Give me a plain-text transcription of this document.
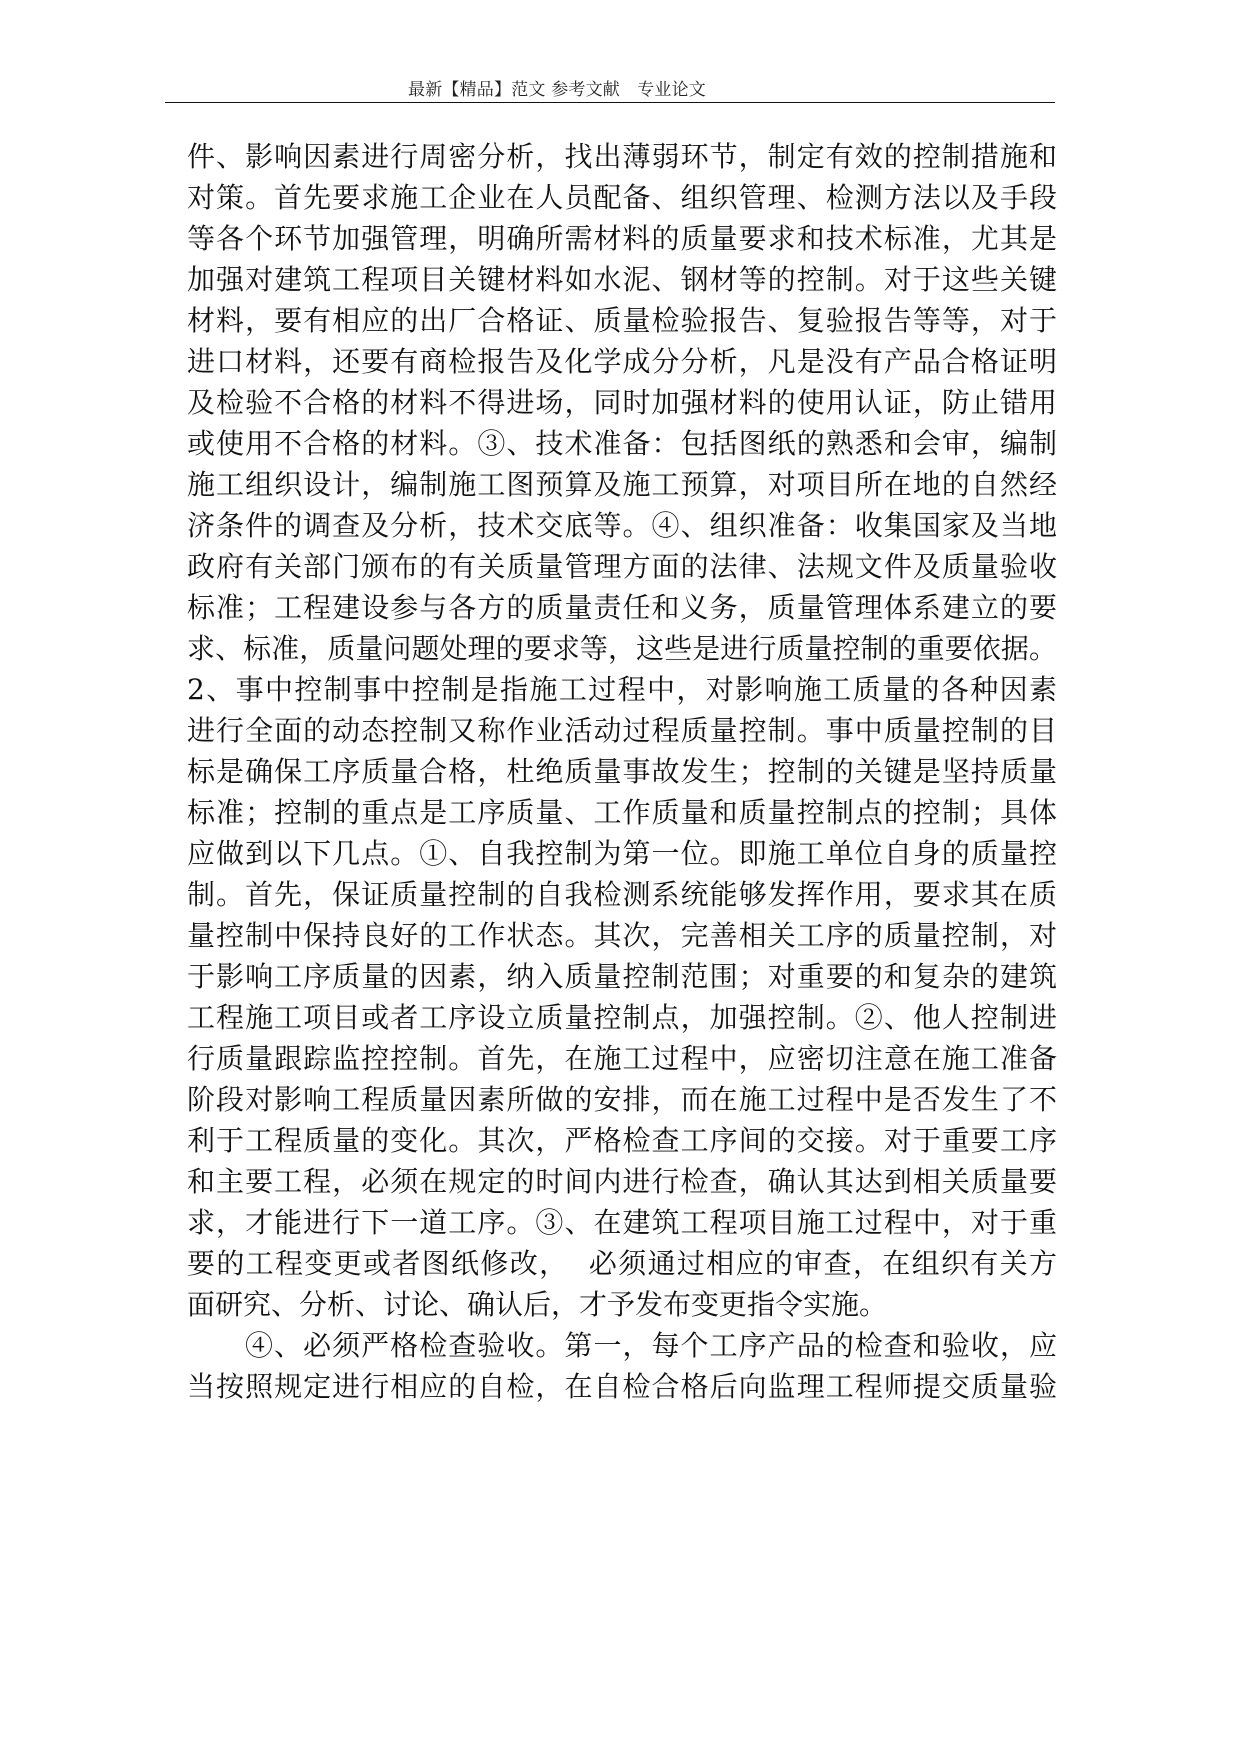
最新【精品】范文 参考文献　专业论文
件、影响因素进行周密分析，找出薄弱环节，制定有效的控制措施和
对策。首先要求施工企业在人员配备、组织管理、检测方法以及手段
等各个环节加强管理，明确所需材料的质量要求和技术标准，尤其是
加强对建筑工程项目关键材料如水泥、钢材等的控制。对于这些关键
材料，要有相应的出厂合格证、质量检验报告、复验报告等等，对于
进口材料，还要有商检报告及化学成分分析，凡是没有产品合格证明
及检验不合格的材料不得进场，同时加强材料的使用认证，防止错用
或使用不合格的材料。③、技术准备：包括图纸的熟悉和会审，编制
施工组织设计，编制施工图预算及施工预算，对项目所在地的自然经
济条件的调查及分析，技术交底等。④、组织准备：收集国家及当地
政府有关部门颁布的有关质量管理方面的法律、法规文件及质量验收
标准；工程建设参与各方的质量责任和义务，质量管理体系建立的要
求、标准，质量问题处理的要求等，这些是进行质量控制的重要依据。
2、事中控制事中控制是指施工过程中，对影响施工质量的各种因素
进行全面的动态控制又称作业活动过程质量控制。事中质量控制的目
标是确保工序质量合格，杜绝质量事故发生；控制的关键是坚持质量
标准；控制的重点是工序质量、工作质量和质量控制点的控制；具体
应做到以下几点。①、自我控制为第一位。即施工单位自身的质量控
制。首先，保证质量控制的自我检测系统能够发挥作用，要求其在质
量控制中保持良好的工作状态。其次，完善相关工序的质量控制，对
于影响工序质量的因素，纳入质量控制范围；对重要的和复杂的建筑
工程施工项目或者工序设立质量控制点，加强控制。②、他人控制进
行质量跟踪监控控制。首先，在施工过程中，应密切注意在施工准备
阶段对影响工程质量因素所做的安排，而在施工过程中是否发生了不
利于工程质量的变化。其次，严格检查工序间的交接。对于重要工序
和主要工程，必须在规定的时间内进行检查，确认其达到相关质量要
求，才能进行下一道工序。③、在建筑工程项目施工过程中，对于重
要的工程变更或者图纸修改，  必须通过相应的审查，在组织有关方
面研究、分析、讨论、确认后，才予发布变更指令实施。
④、必须严格检查验收。第一，每个工序产品的检查和验收，应
当按照规定进行相应的自检，在自检合格后向监理工程师提交质量验
